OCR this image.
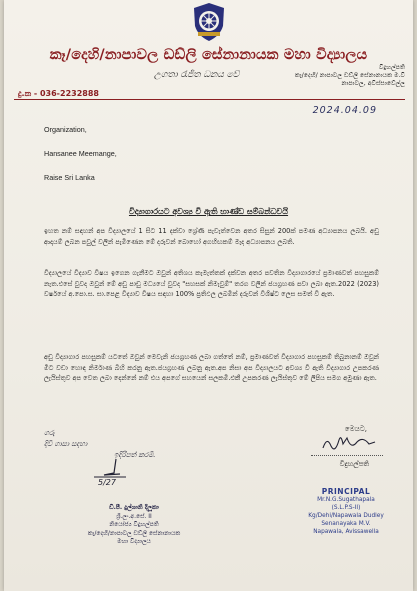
කෑ/දෙහි/නාපාවල ඩඩ්ලි සේනානායක මහා විද්‍යාලය
උගතා රැජිත ධනය වේ
දු.ක - 036-2232888
විදුහල්පති
කෑ/දෙහි/ නාපාවල ඩඩ්ලි සේනානායක ම.වි
නාපාවල, අවිස්සාවේල්ල
2024.04.09
Organization,
Hansanee Meemange,
Raise Sri Lanka
විද්‍යාගාරයට අවශ්‍ය වී ඇති භාණ්ඩ සම්බන්ධවයි
ඉහත නම් සඳහන් අප විද්‍යාලයේ 1 සිට 11 දක්වා ශ්‍රේණි පැවැත්වෙන අතර සිසුන් 200ක් පමණ අධ්‍යාපනය ලබයි. අඩු ආදායම් ලබන පවුල් වලින් පැමිණෙන මේ දරුවන් බොහෝ අගහිඟකම් මැද අධ්‍යාපනය ලබති.
විද්‍යාලයේ විද්‍යාව විෂය ඉගෙන ගැනීමට ඔවුන් අතිශය කැමැත්තක් දක්වන අතර පවතින විද්‍යාගාරයේ ප්‍රමාණවත් පහසුකම් නැත.එසේ වුවද ඔවුන් මේ අඩු පාඩු මධ්‍යයේ වුවද "සහසක් නිමැවුම්" තරග වලින් ජයග්‍රහණ පවා ලබා ඇත.2022 (2023) වර්ෂයේ අ.පො.ස. සා.පෙළ විද්‍යාව විෂය සඳහා 100% ප්‍රතිඵල ලබමින් දරුවන් විශිෂ්ට ලෙස සමත් වී ඇත.
අඩු විද්‍යාගාර පහසුකම් යටතේ ඔවුන් මෙවැනි ජයග්‍රහණ ලබා ගත්තේ නම්, ප්‍රමාණවත් විද්‍යාගාර පහසුකම් තිබුනානම් ඔවුන් මීට වඩා හොඳ නිර්මාණ බිහි කරනු ඇත.ජයග්‍රහණ ලබනු ඇත.අප නිසා අප විද්‍යාලයට අවශ්‍ය වී ඇති විද්‍යාගාර උපකරණ ලැයිස්තුව අප වෙත ලබා දෙන්නේ නම් එය අපගේ සහයෙන් සලකමි.එකී උපකරණ ලැයිස්තුව මේ ලිපිය සමග අමුණා ඇත.
ගරු
දිවි ගාසා සදහා
ඉදිරිපත් කරමි.
5/27
ඩී.පී. දුල්ශානි දිලූකා
ශ්‍රී.ලං.අ.සේ. II
නියෝජ්‍ය විදුහල්පති
කෑ/දෙහි/නාපාවල ඩඩ්ලි සේනානායක
මහා විද්‍යාලය
මෙයට,
විදුහල්පති
PRINCIPAL
Mr.N.G.Sugathapala
(S.L.P.S-II)
Kg/Dehi/Napawala Dudley
Senanayaka M.V.
Napawala, Avissawella
